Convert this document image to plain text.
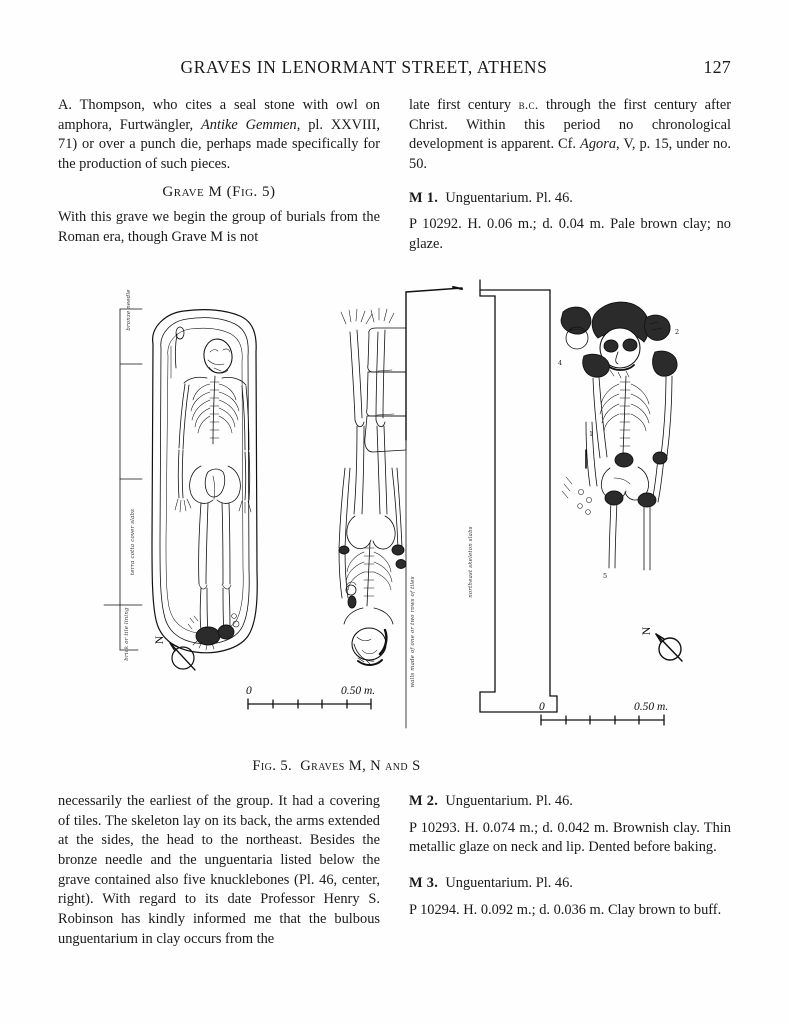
GRAVES IN LENORMANT STREET, ATHENS	127

A. Thompson, who cites a seal stone with owl on amphora, Furtwängler, Antike Gemmen, pl. XXVIII, 71) or over a punch die, perhaps made specifically for the production of such pieces.

Grave M (Fig. 5)

With this grave we begin the group of burials from the Roman era, though Grave M is not

late first century b.c. through the first century after Christ. Within this period no chronological development is apparent. Cf. Agora, V, p. 15, under no. 50.

M 1. Unguentarium. Pl. 46.

P 10292. H. 0.06 m.; d. 0.04 m. Pale brown clay; no glaze.

bronze needle
terra cotta cover slabs
brick or tile lining N
0	0.50 m.
walls made of one or two rows of tiles
northeast skeleton slabs
4
3
2
5
1
N
0	0.50 m.
Fig. 5. Graves M, N and S

necessarily the earliest of the group. It had a covering of tiles. The skeleton lay on its back, the arms extended at the sides, the head to the northeast. Besides the bronze needle and the unguentaria listed below the grave contained also five knucklebones (Pl. 46, center, right). With regard to its date Professor Henry S. Robinson has kindly informed me that the bulbous unguentarium in clay occurs from the

M 2. Unguentarium. Pl. 46.

P 10293. H. 0.074 m.; d. 0.042 m. Brownish clay. Thin metallic glaze on neck and lip. Dented before baking.

M 3. Unguentarium. Pl. 46.

P 10294. H. 0.092 m.; d. 0.036 m. Clay brown to buff.
